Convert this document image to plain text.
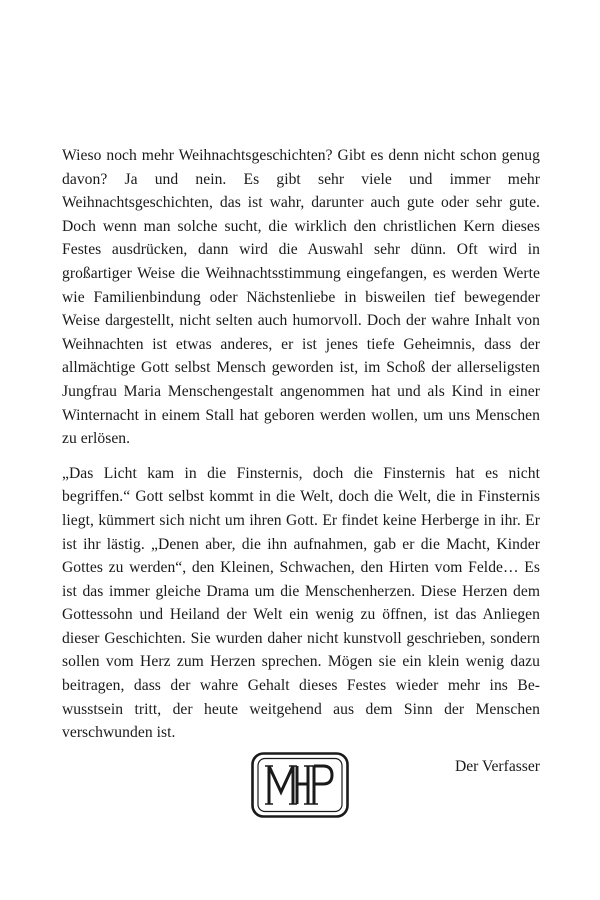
Wieso noch mehr Weihnachtsgeschichten? Gibt es denn nicht schon genug davon? Ja und nein. Es gibt sehr viele und immer mehr Weihnachtsgeschichten, das ist wahr, darunter auch gute oder sehr gute. Doch wenn man solche sucht, die wirklich den christlichen Kern dieses Festes ausdrücken, dann wird die Auswahl sehr dünn. Oft wird in großartiger Weise die Weihnachtsstimmung eingefangen, es werden Werte wie Familienbindung oder Nächstenliebe in bisweilen tief bewegender Weise dargestellt, nicht selten auch humorvoll. Doch der wahre Inhalt von Weihnachten ist etwas anderes, er ist jenes tiefe Geheimnis, dass der allmächtige Gott selbst Mensch geworden ist, im Schoß der allerseligsten Jungfrau Maria Menschengestalt angenommen hat und als Kind in einer Winternacht in einem Stall hat geboren werden wollen, um uns Menschen zu erlösen.

„Das Licht kam in die Finsternis, doch die Finsternis hat es nicht begriffen.“ Gott selbst kommt in die Welt, doch die Welt, die in Finsternis liegt, kümmert sich nicht um ihren Gott. Er findet keine Herberge in ihr. Er ist ihr lästig. „Denen aber, die ihn aufnahmen, gab er die Macht, Kinder Gottes zu werden“, den Kleinen, Schwachen, den Hirten vom Felde… Es ist das immer gleiche Drama um die Menschenherzen. Diese Herzen dem Gottessohn und Heiland der Welt ein wenig zu öffnen, ist das Anliegen dieser Geschichten. Sie wurden daher nicht kunstvoll geschrieben, sondern sollen vom Herz zum Herzen sprechen. Mögen sie ein klein wenig dazu beitragen, dass der wahre Gehalt dieses Festes wieder mehr ins Bewusstsein tritt, der heute weitgehend aus dem Sinn der Menschen verschwunden ist.

Der Verfasser
